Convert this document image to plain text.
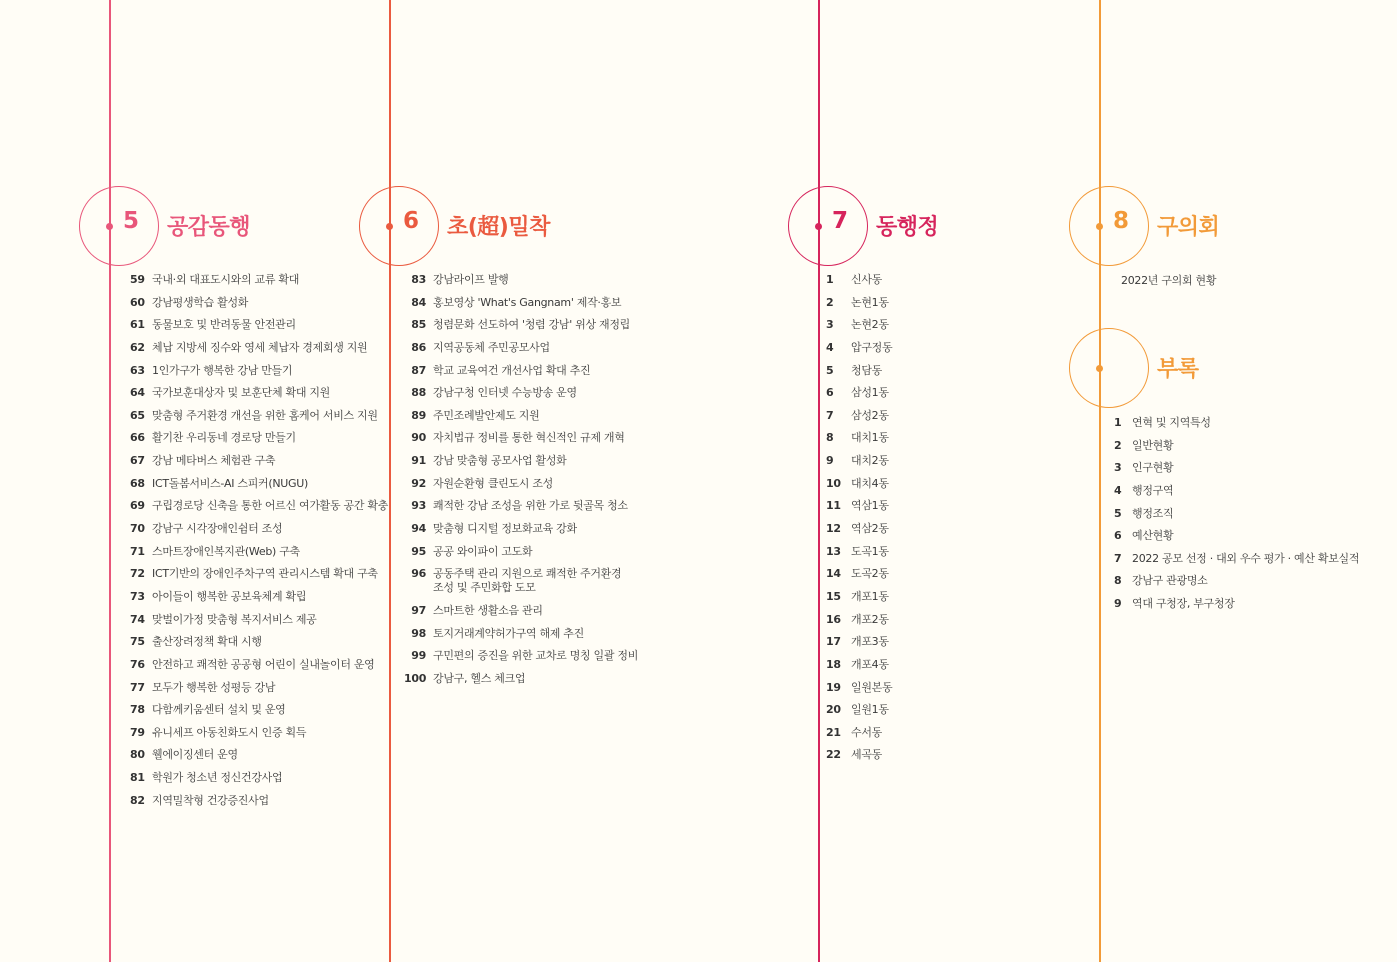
5 공감동행
59 국내·외 대표도시와의 교류 확대
60 강남평생학습 활성화
61 동물보호 및 반려동물 안전관리
62 체납 지방세 징수와 영세 체납자 경제회생 지원
63 1인가구가 행복한 강남 만들기
64 국가보훈대상자 및 보훈단체 확대 지원
65 맞춤형 주거환경 개선을 위한 홈케어 서비스 지원
66 활기찬 우리동네 경로당 만들기
67 강남 메타버스 체험관 구축
68 ICT돌봄서비스-AI 스피커(NUGU)
69 구립경로당 신축을 통한 어르신 여가활동 공간 확충
70 강남구 시각장애인쉼터 조성
71 스마트장애인복지관(Web) 구축
72 ICT기반의 장애인주차구역 관리시스템 확대 구축
73 아이들이 행복한 공보육체계 확립
74 맞벌이가정 맞춤형 복지서비스 제공
75 출산장려정책 확대 시행
76 안전하고 쾌적한 공공형 어린이 실내놀이터 운영
77 모두가 행복한 성평등 강남
78 다함께키움센터 설치 및 운영
79 유니세프 아동친화도시 인증 획득
80 웰에이징센터 운영
81 학원가 청소년 정신건강사업
82 지역밀착형 건강증진사업
6 초(超)밀착
83 강남라이프 발행
84 홍보영상 'What's Gangnam' 제작·홍보
85 청렴문화 선도하여 '청렴 강남' 위상 재정립
86 지역공동체 주민공모사업
87 학교 교육여건 개선사업 확대 추진
88 강남구청 인터넷 수능방송 운영
89 주민조례발안제도 지원
90 자치법규 정비를 통한 혁신적인 규제 개혁
91 강남 맞춤형 공모사업 활성화
92 자원순환형 클린도시 조성
93 쾌적한 강남 조성을 위한 가로 뒷골목 청소
94 맞춤형 디지털 정보화교육 강화
95 공공 와이파이 고도화
96 공동주택 관리 지원으로 쾌적한 주거환경 조성 및 주민화합 도모
97 스마트한 생활소음 관리
98 토지거래계약허가구역 해제 추진
99 구민편의 증진을 위한 교차로 명칭 일괄 정비
100 강남구, 헬스 체크업
7 동행정
1	신사동
2	논현1동
3	논현2동
4	압구정동
5	청담동
6	삼성1동
7	삼성2동
8	대치1동
9	대치2동
10 대치4동
11 역삼1동
12 역삼2동
13 도곡1동
14 도곡2동
15 개포1동
16 개포2동
17 개포3동
18 개포4동
19 일원본동
20 일원1동
21 수서동
22 세곡동
8 구의회
2022년 구의회 현황
부록
1 연혁 및 지역특성
2 일반현황
3 인구현황
4 행정구역
5 행정조직
6 예산현황
7 2022 공모 선정 · 대외 우수 평가 · 예산 확보실적
8 강남구 관광명소
9 역대 구청장, 부구청장
